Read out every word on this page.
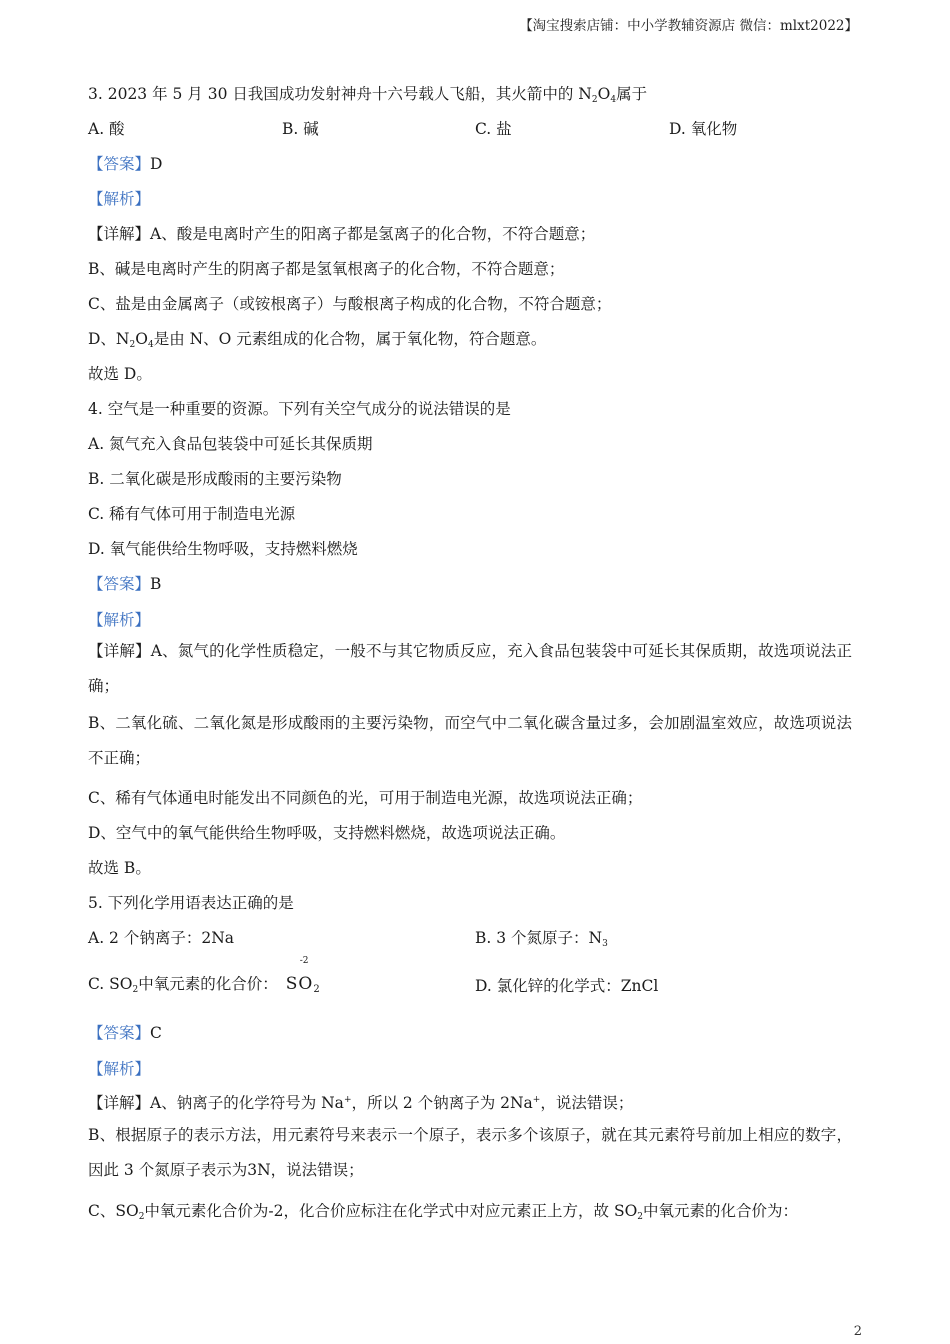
【淘宝搜索店铺：中小学教辅资源店 微信：mlxt2022】
3. 2023 年 5 月 30 日我国成功发射神舟十六号载人飞船，其火箭中的 $N_2O_4$属于
A. 酸	B. 碱	C. 盐	D. 氧化物
【答案】D
【解析】
【详解】A、酸是电离时产生的阳离子都是氢离子的化合物，不符合题意；
B、碱是电离时产生的阴离子都是氢氧根离子的化合物，不符合题意；
C、盐是由金属离子（或铵根离子）与酸根离子构成的化合物，不符合题意；
D、$N_2O_4$是由 N、O 元素组成的化合物，属于氧化物，符合题意。
故选 D。
4. 空气是一种重要的资源。下列有关空气成分的说法错误的是
A. 氮气充入食品包装袋中可延长其保质期
B. 二氧化碳是形成酸雨的主要污染物
C. 稀有气体可用于制造电光源
D. 氧气能供给生物呼吸，支持燃料燃烧
【答案】B
【解析】
【详解】A、氮气的化学性质稳定，一般不与其它物质反应，充入食品包装袋中可延长其保质期，故选项说法正确；
B、二氧化硫、二氧化氮是形成酸雨的主要污染物，而空气中二氧化碳含量过多，会加剧温室效应，故选项说法不正确；
C、稀有气体通电时能发出不同颜色的光，可用于制造电光源，故选项说法正确；
D、空气中的氧气能供给生物呼吸，支持燃料燃烧，故选项说法正确。
故选 B。
5. 下列化学用语表达正确的是
A. 2 个钠离子：2Na	B. 3 个氮原子：$N_3$
C. $SO_2$中氧元素的化合价：
-2
$SO_2$	D. 氯化锌的化学式：ZnCl
【答案】C
【解析】
【详解】A、钠离子的化学符号为 Na+，所以 2 个钠离子为 2Na+，说法错误；
B、根据原子的表示方法，用元素符号来表示一个原子，表示多个该原子，就在其元素符号前加上相应的数字，因此 3 个氮原子表示为3N，说法错误；
C、$SO_2$中氧元素化合价为-2，化合价应标注在化学式中对应元素正上方，故 $SO_2$中氧元素的化合价为：
2
